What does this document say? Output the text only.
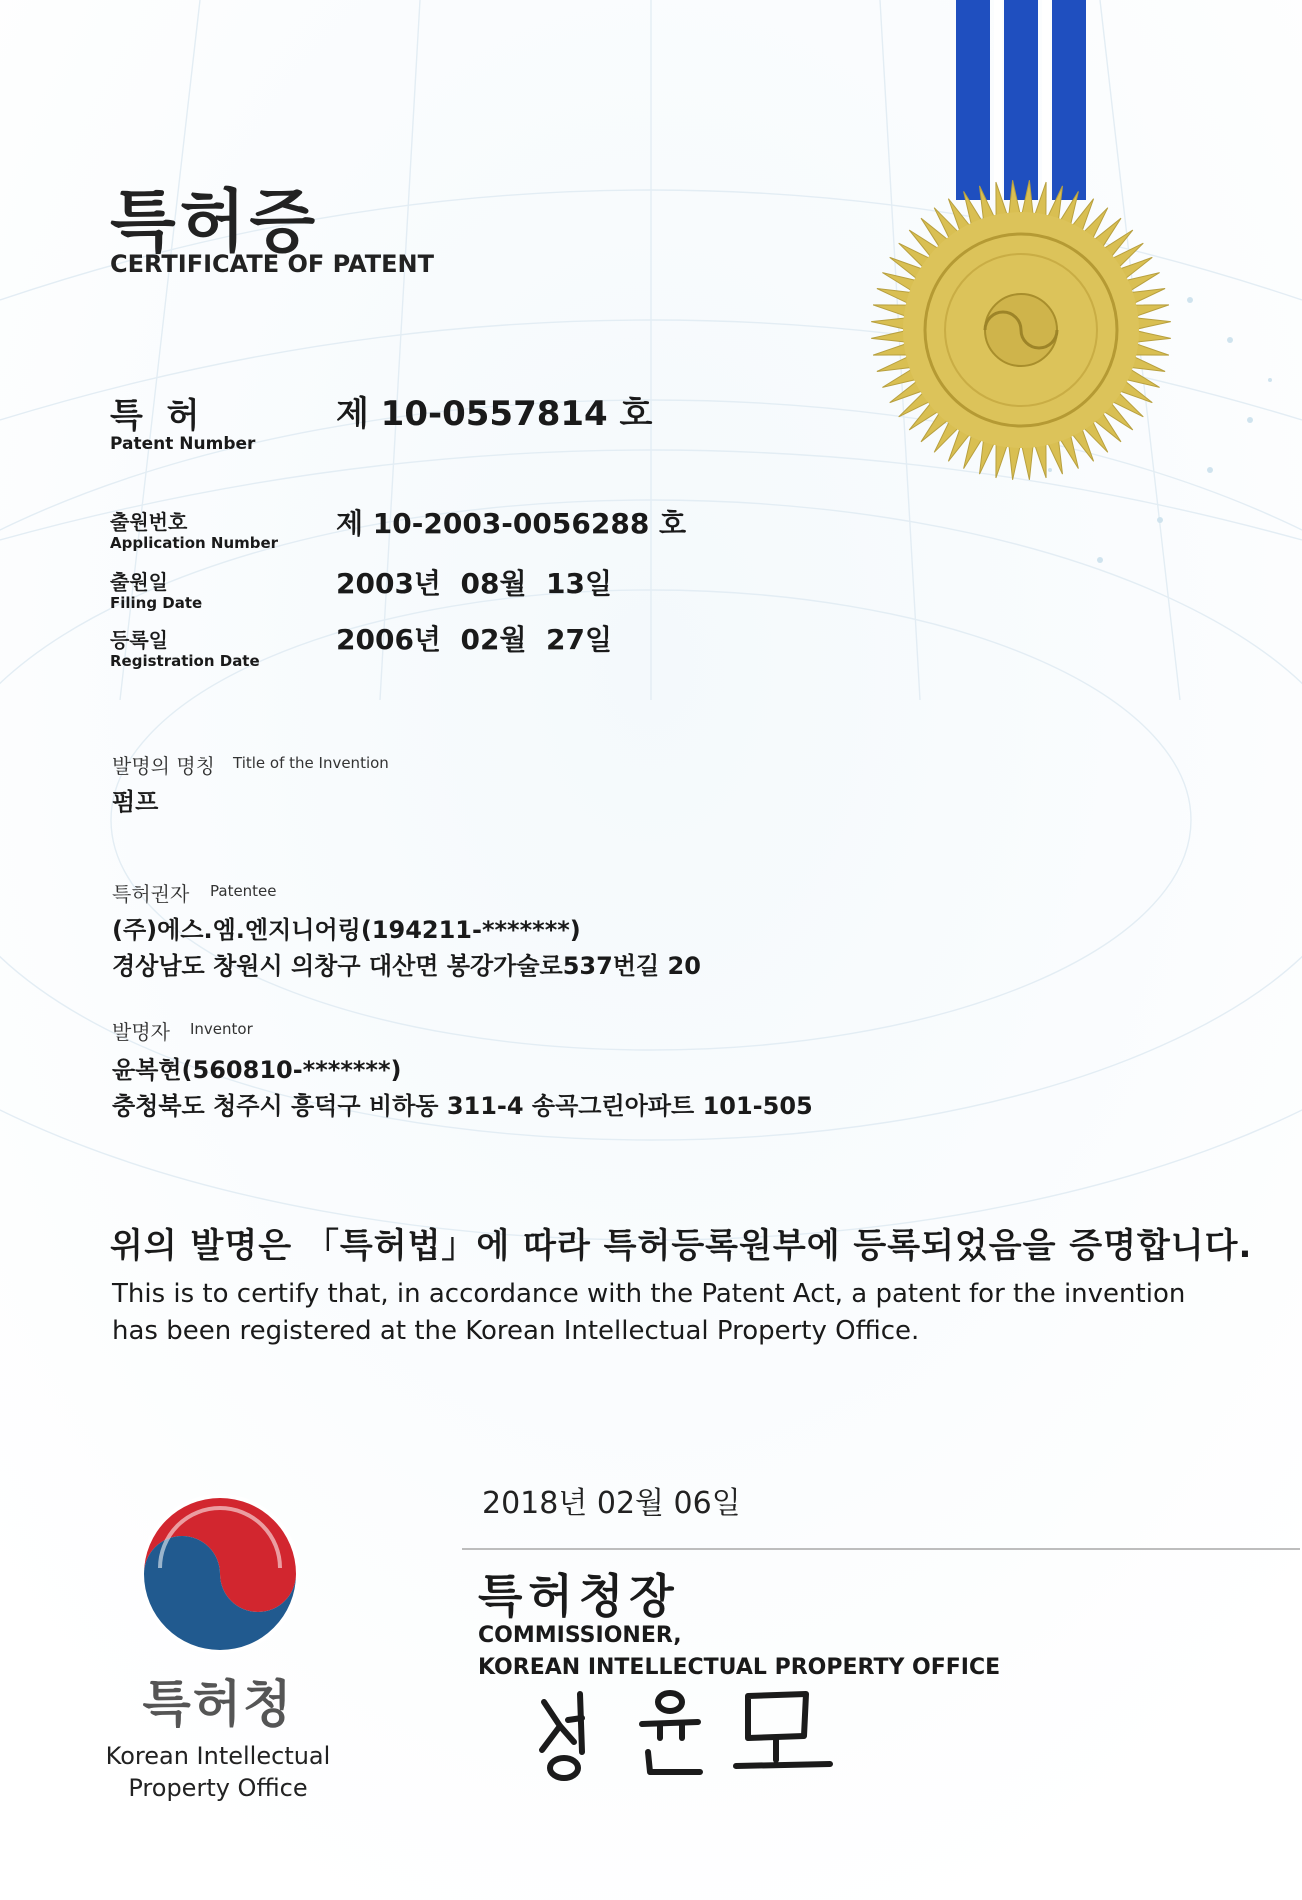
특허증
CERTIFICATE OF PATENT
특 허
Patent Number
제 10-0557814 호
출원번호
Application Number
제 10-2003-0056288 호
출원일
Filing Date
2003년  08월  13일
등록일
Registration Date
2006년  02월  27일
발명의 명칭 Title of the Invention
펌프
특허권자 Patentee
(주)에스.엠.엔지니어링(194211-*******)
경상남도 창원시 의창구 대산면 봉강가술로537번길 20
발명자 Inventor
윤복현(560810-*******)
충청북도 청주시 흥덕구 비하동 311-4 송곡그린아파트 101-505
위의 발명은 「특허법」에 따라 특허등록원부에 등록되었음을 증명합니다.
This is to certify that, in accordance with the Patent Act, a patent for the invention has been registered at the Korean Intellectual Property Office.
2018년 02월 06일
특허청장
COMMISSIONER,
KOREAN INTELLECTUAL PROPERTY OFFICE
특허청
Korean Intellectual Property Office
